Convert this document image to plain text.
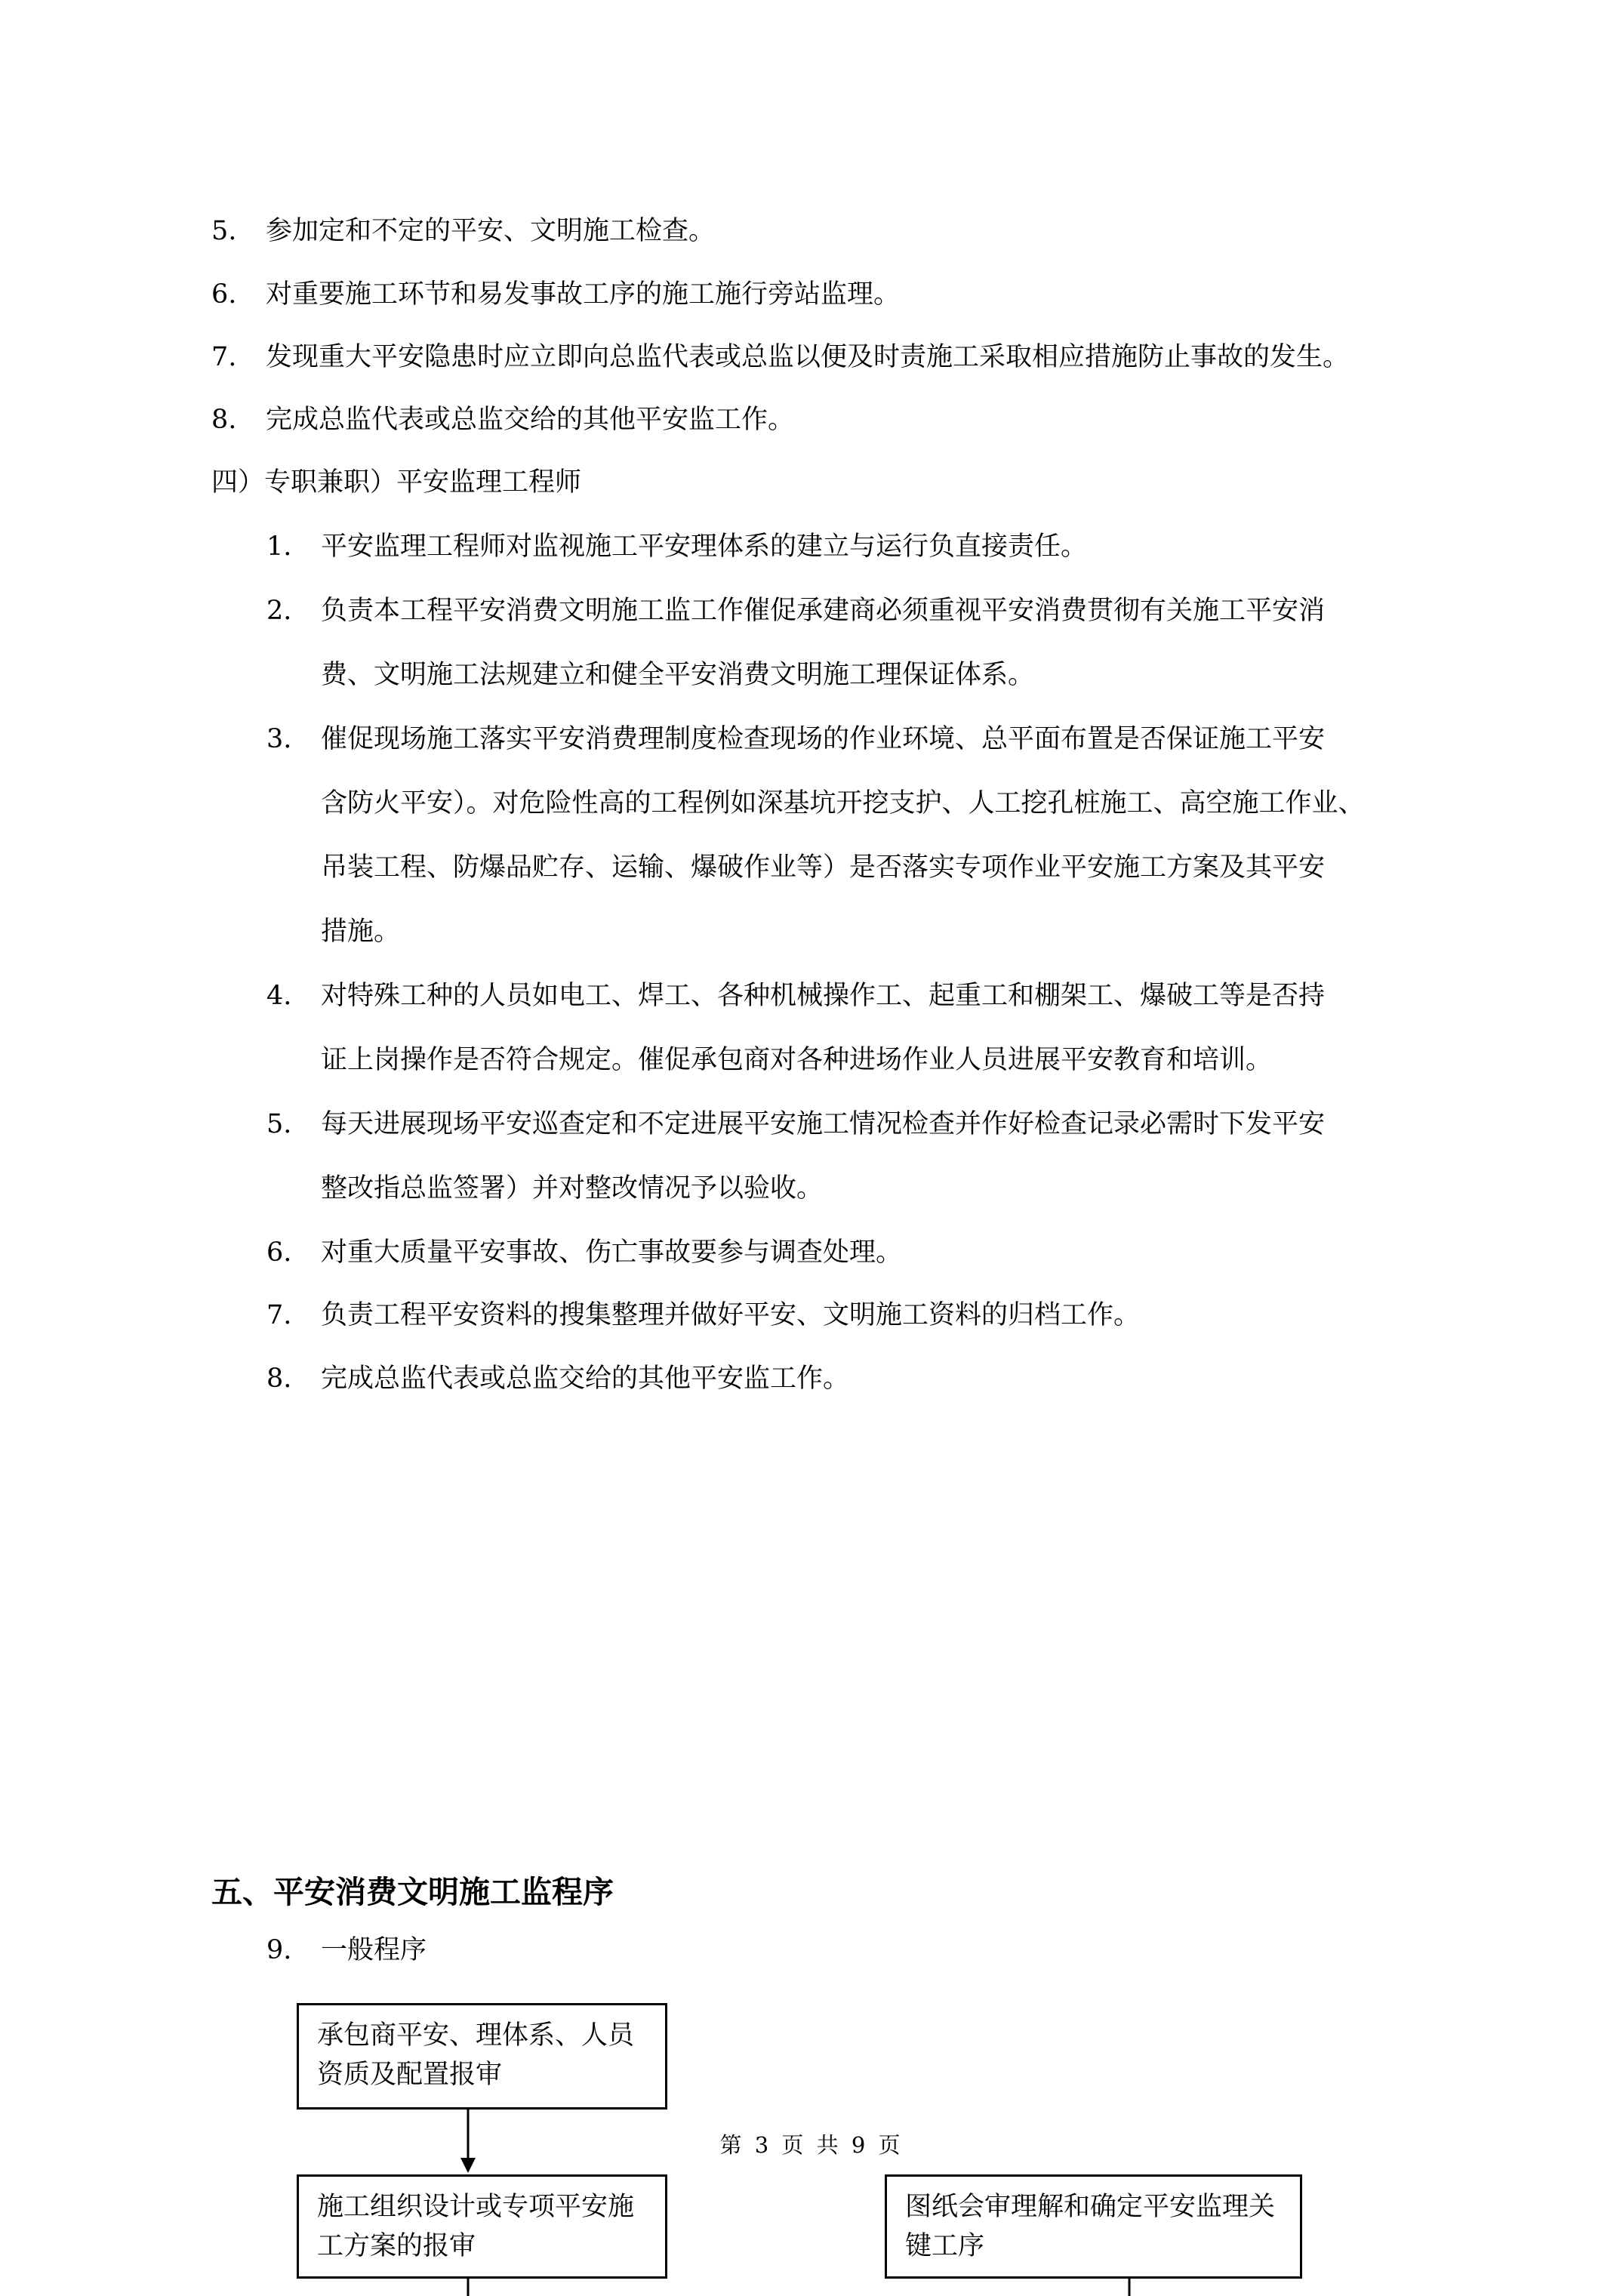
5. 参加定和不定的平安、文明施工检查。
6. 对重要施工环节和易发事故工序的施工施行旁站监理。
7. 发现重大平安隐患时应立即向总监代表或总监以便及时责施工采取相应措施防止事故的发生。
8. 完成总监代表或总监交给的其他平安监工作。
四）专职兼职）平安监理工程师
1. 平安监理工程师对监视施工平安理体系的建立与运行负直接责任。
2. 负责本工程平安消费文明施工监工作催促承建商必须重视平安消费贯彻有关施工平安消
费、文明施工法规建立和健全平安消费文明施工理保证体系。
3. 催促现场施工落实平安消费理制度检查现场的作业环境、总平面布置是否保证施工平安
含防火平安）。对危险性高的工程例如深基坑开挖支护、人工挖孔桩施工、高空施工作业、
吊装工程、防爆品贮存、运输、爆破作业等）是否落实专项作业平安施工方案及其平安
措施。
4. 对特殊工种的人员如电工、焊工、各种机械操作工、起重工和棚架工、爆破工等是否持
证上岗操作是否符合规定。催促承包商对各种进场作业人员进展平安教育和培训。
5. 每天进展现场平安巡查定和不定进展平安施工情况检查并作好检查记录必需时下发平安
整改指总监签署）并对整改情况予以验收。
6. 对重大质量平安事故、伤亡事故要参与调查处理。
7. 负责工程平安资料的搜集整理并做好平安、文明施工资料的归档工作。
8. 完成总监代表或总监交给的其他平安监工作。
五、平安消费文明施工监程序
9. 一般程序
承包商平安、理体系、人员资质及配置报审
施工组织设计或专项平安施工方案的报审
图纸会审理解和确定平安监理关键工序
第 3 页 共 9 页
